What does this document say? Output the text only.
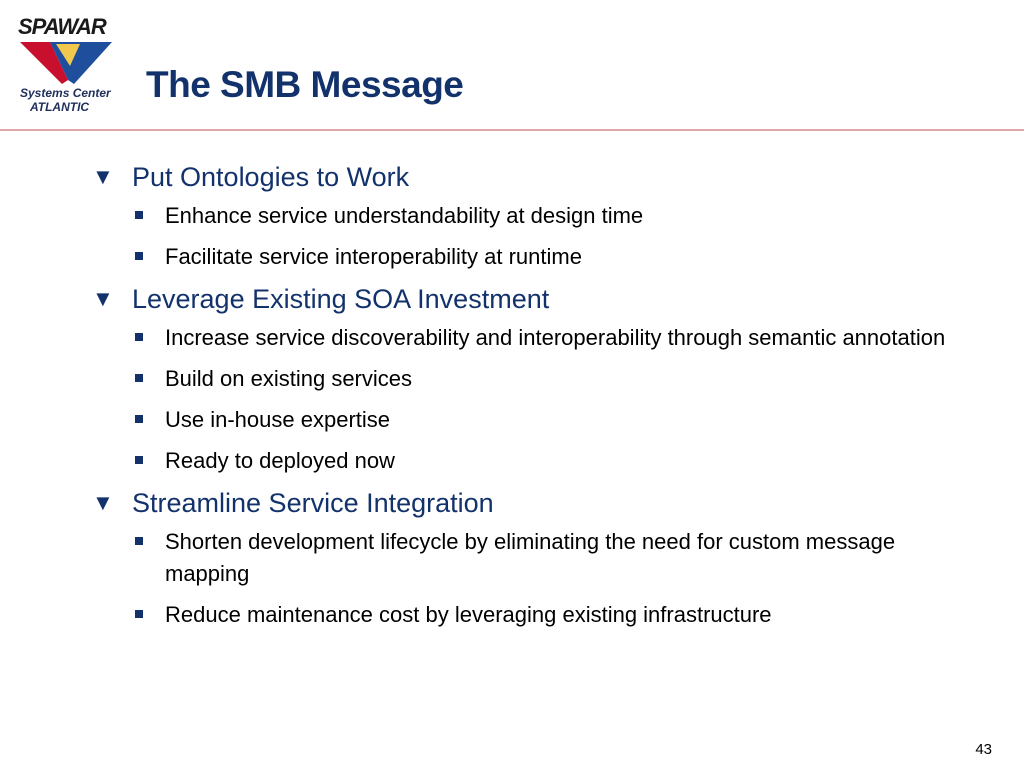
SPAWAR
Systems Center
ATLANTIC
The SMB Message
▼ Put Ontologies to Work
Enhance service understandability at design time
Facilitate service interoperability at runtime
▼ Leverage Existing SOA Investment
Increase service discoverability and interoperability through semantic annotation
Build on existing services
Use in-house expertise
Ready to deployed now
▼ Streamline Service Integration
Shorten development lifecycle by eliminating the need for custom message mapping
Reduce maintenance cost by leveraging existing infrastructure
43
